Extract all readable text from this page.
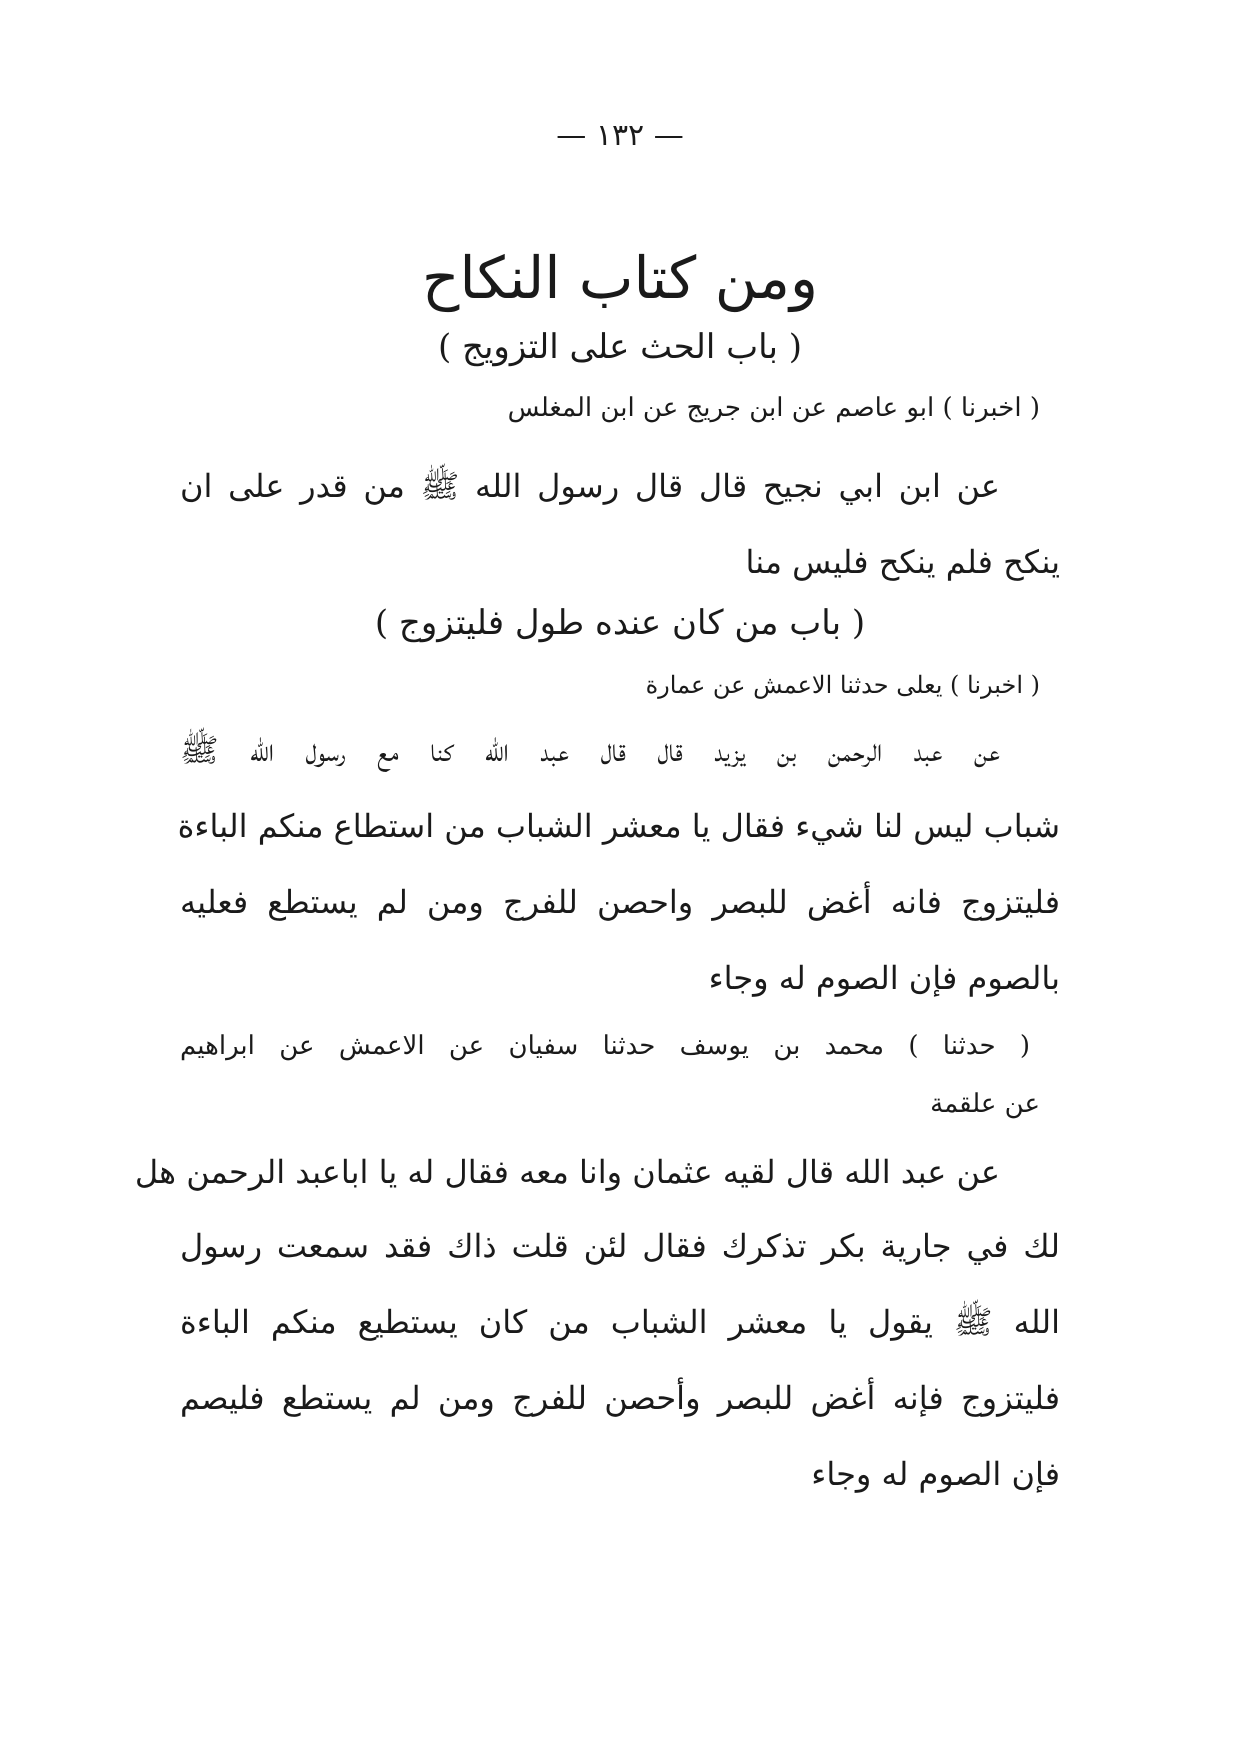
— ١٣٢ —
ومن كتاب النكاح
( باب الحث على التزويج )
( اخبرنا ) ابو عاصم عن ابن جريج عن ابن المغلس
عن ابن ابي نجيح قال قال رسول الله ﷺ من قدر على ان
ينكح فلم ينكح فليس منا
( باب من كان عنده طول فليتزوج )
( اخبرنا ) يعلى حدثنا الاعمش عن عمارة
عن عبد الرحمن بن يزيد قال قال عبد الله كنا مع رسول الله ﷺ
شباب ليس لنا شيء فقال يا معشر الشباب من استطاع منكم الباءة
فليتزوج فانه أغض للبصر واحصن للفرج ومن لم يستطع فعليه
بالصوم فإن الصوم له وجاء
( حدثنا ) محمد بن يوسف حدثنا سفيان عن الاعمش عن ابراهيم
عن علقمة
عن عبد الله قال لقيه عثمان وانا معه فقال له يا اباعبد الرحمن هل
لك في جارية بكر تذكرك فقال لئن قلت ذاك فقد سمعت رسول
الله ﷺ يقول يا معشر الشباب من كان يستطيع منكم الباءة
فليتزوج فإنه أغض للبصر وأحصن للفرج ومن لم يستطع فليصم
فإن الصوم له وجاء
